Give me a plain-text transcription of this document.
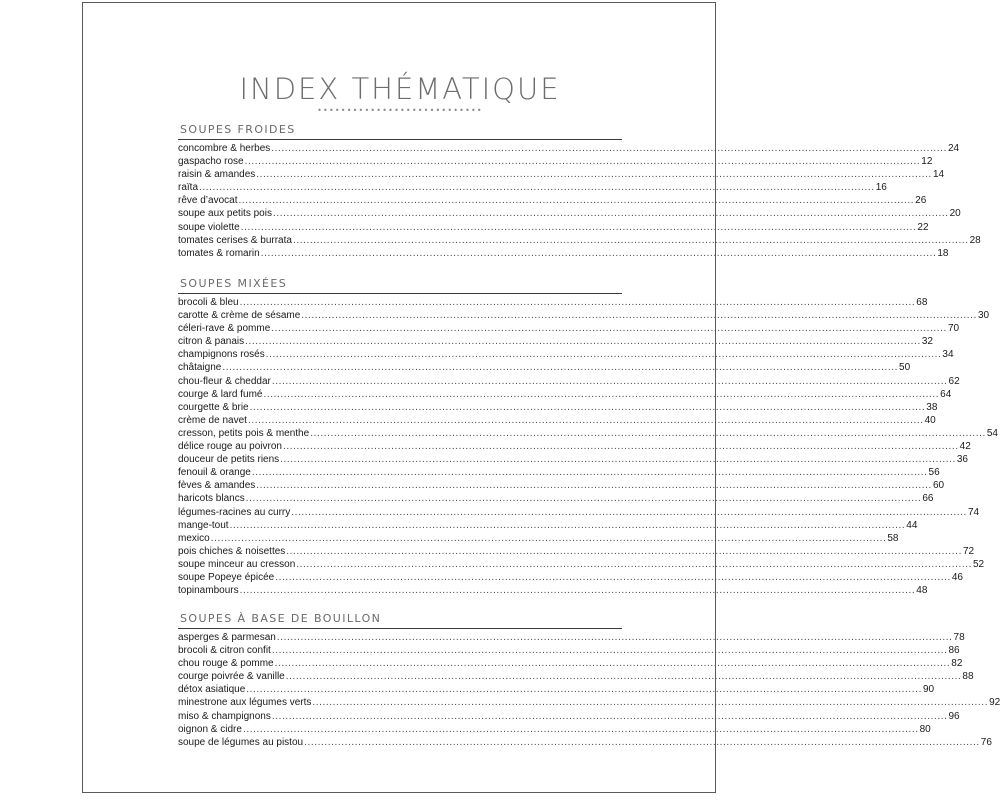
INDEX THÉMATIQUE
••••••••••••••••••••••••••••
SOUPES FROIDES
concombre & herbes ........................................................................................................................................................................................................ 24
gaspacho rose ........................................................................................................................................................................................................ 12
raisin & amandes ........................................................................................................................................................................................................ 14
raïta ........................................................................................................................................................................................................ 16
rêve d’avocat ........................................................................................................................................................................................................ 26
soupe aux petits pois ........................................................................................................................................................................................................ 20
soupe violette ........................................................................................................................................................................................................ 22
tomates cerises & burrata ........................................................................................................................................................................................................ 28
tomates & romarin ........................................................................................................................................................................................................ 18
SOUPES MIXÉES
brocoli & bleu ........................................................................................................................................................................................................ 68
carotte & crème de sésame ........................................................................................................................................................................................................ 30
céleri-rave & pomme ........................................................................................................................................................................................................ 70
citron & panais ........................................................................................................................................................................................................ 32
champignons rosés ........................................................................................................................................................................................................ 34
châtaigne ........................................................................................................................................................................................................ 50
chou-fleur & cheddar ........................................................................................................................................................................................................ 62
courge & lard fumé ........................................................................................................................................................................................................ 64
courgette & brie ........................................................................................................................................................................................................ 38
crème de navet ........................................................................................................................................................................................................ 40
cresson, petits pois & menthe ........................................................................................................................................................................................................ 54
délice rouge au poivron ........................................................................................................................................................................................................ 42
douceur de petits riens ........................................................................................................................................................................................................ 36
fenouil & orange ........................................................................................................................................................................................................ 56
fèves & amandes ........................................................................................................................................................................................................ 60
haricots blancs ........................................................................................................................................................................................................ 66
légumes-racines au curry ........................................................................................................................................................................................................ 74
mange-tout ........................................................................................................................................................................................................ 44
mexico ........................................................................................................................................................................................................ 58
pois chiches & noisettes ........................................................................................................................................................................................................ 72
soupe minceur au cresson ........................................................................................................................................................................................................ 52
soupe Popeye épicée ........................................................................................................................................................................................................ 46
topinambours ........................................................................................................................................................................................................ 48
SOUPES À BASE DE BOUILLON
asperges & parmesan ........................................................................................................................................................................................................ 78
brocoli & citron confit ........................................................................................................................................................................................................ 86
chou rouge & pomme ........................................................................................................................................................................................................ 82
courge poivrée & vanille ........................................................................................................................................................................................................ 88
détox asiatique ........................................................................................................................................................................................................ 90
minestrone aux légumes verts ........................................................................................................................................................................................................ 92
miso & champignons ........................................................................................................................................................................................................ 96
oignon & cidre ........................................................................................................................................................................................................ 80
soupe de légumes au pistou ........................................................................................................................................................................................................ 76
